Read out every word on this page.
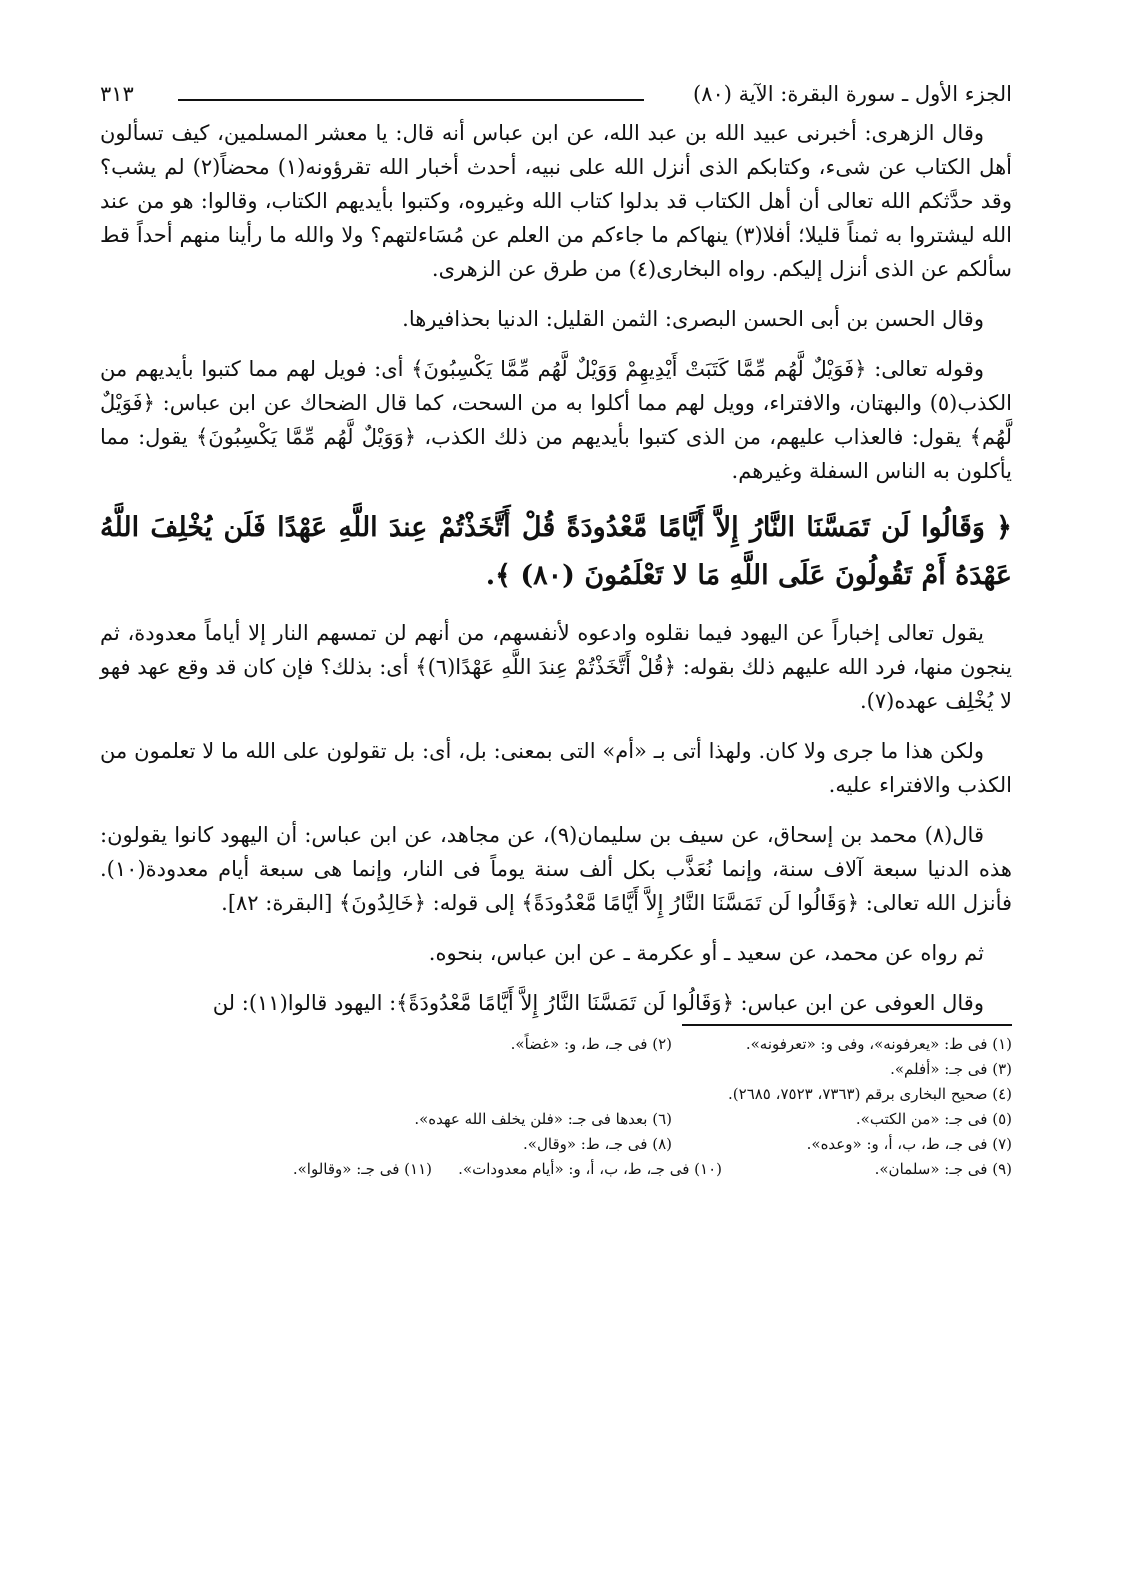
الجزء الأول ـ سورة البقرة: الآية (٨٠)
٣١٣

وقال الزهرى: أخبرنى عبيد الله بن عبد الله، عن ابن عباس أنه قال: يا معشر المسلمين، كيف تسألون أهل الكتاب عن شىء، وكتابكم الذى أنزل الله على نبيه، أحدث أخبار الله تقرؤونه(١) محضاً(٢) لم يشب؟ وقد حدَّثكم الله تعالى أن أهل الكتاب قد بدلوا كتاب الله وغيروه، وكتبوا بأيديهم الكتاب، وقالوا: هو من عند الله ليشتروا به ثمناً قليلا؛ أفلا(٣) ينهاكم ما جاءكم من العلم عن مُسَاءلتهم؟ ولا والله ما رأينا منهم أحداً قط سألكم عن الذى أنزل إليكم. رواه البخارى(٤) من طرق عن الزهرى.

وقال الحسن بن أبى الحسن البصرى: الثمن القليل: الدنيا بحذافيرها.

وقوله تعالى: ﴿فَوَيْلٌ لَّهُم مِّمَّا كَتَبَتْ أَيْدِيهِمْ وَوَيْلٌ لَّهُم مِّمَّا يَكْسِبُونَ﴾ أى: فويل لهم مما كتبوا بأيديهم من الكذب(٥) والبهتان، والافتراء، وويل لهم مما أكلوا به من السحت، كما قال الضحاك عن ابن عباس: ﴿فَوَيْلٌ لَّهُم﴾ يقول: فالعذاب عليهم، من الذى كتبوا بأيديهم من ذلك الكذب، ﴿وَوَيْلٌ لَّهُم مِّمَّا يَكْسِبُونَ﴾ يقول: مما يأكلون به الناس السفلة وغيرهم.

﴿ وَقَالُوا لَن تَمَسَّنَا النَّارُ إِلاَّ أَيَّامًا مَّعْدُودَةً قُلْ أَتَّخَذْتُمْ عِندَ اللَّهِ عَهْدًا فَلَن يُخْلِفَ اللَّهُ عَهْدَهُ أَمْ تَقُولُونَ عَلَى اللَّهِ مَا لا تَعْلَمُونَ (٨٠) ﴾.

يقول تعالى إخباراً عن اليهود فيما نقلوه وادعوه لأنفسهم، من أنهم لن تمسهم النار إلا أياماً معدودة، ثم ينجون منها، فرد الله عليهم ذلك بقوله: ﴿قُلْ أَتَّخَذْتُمْ عِندَ اللَّهِ عَهْدًا(٦)﴾ أى: بذلك؟ فإن كان قد وقع عهد فهو لا يُخْلِف عهده(٧).

ولكن هذا ما جرى ولا كان. ولهذا أتى بـ «أم» التى بمعنى: بل، أى: بل تقولون على الله ما لا تعلمون من الكذب والافتراء عليه.

قال(٨) محمد بن إسحاق، عن سيف بن سليمان(٩)، عن مجاهد، عن ابن عباس: أن اليهود كانوا يقولون: هذه الدنيا سبعة آلاف سنة، وإنما نُعَذَّب بكل ألف سنة يوماً فى النار، وإنما هى سبعة أيام معدودة(١٠). فأنزل الله تعالى: ﴿وَقَالُوا لَن تَمَسَّنَا النَّارُ إِلاَّ أَيَّامًا مَّعْدُودَةً﴾ إلى قوله: ﴿خَالِدُونَ﴾ [البقرة: ٨٢].

ثم رواه عن محمد، عن سعيد ـ أو عكرمة ـ عن ابن عباس، بنحوه.

وقال العوفى عن ابن عباس: ﴿وَقَالُوا لَن تَمَسَّنَا النَّارُ إِلاَّ أَيَّامًا مَّعْدُودَةً﴾: اليهود قالوا(١١): لن

(١) فى ط: «يعرفونه»، وفى و: «تعرفونه».
(٢) فى جـ، ط، و: «غضاً».
(٣) فى جـ: «أفلم».
(٤) صحيح البخارى برقم (٧٣٦٣، ٧٥٢٣، ٢٦٨٥).
(٥) فى جـ: «من الكتب».
(٦) بعدها فى جـ: «فلن يخلف الله عهده».
(٧) فى جـ، ط، ب، أ، و: «وعده».
(٨) فى جـ، ط: «وقال».
(٩) فى جـ: «سلمان».
(١٠) فى جـ، ط، ب، أ، و: «أيام معدودات».
(١١) فى جـ: «وقالوا».
